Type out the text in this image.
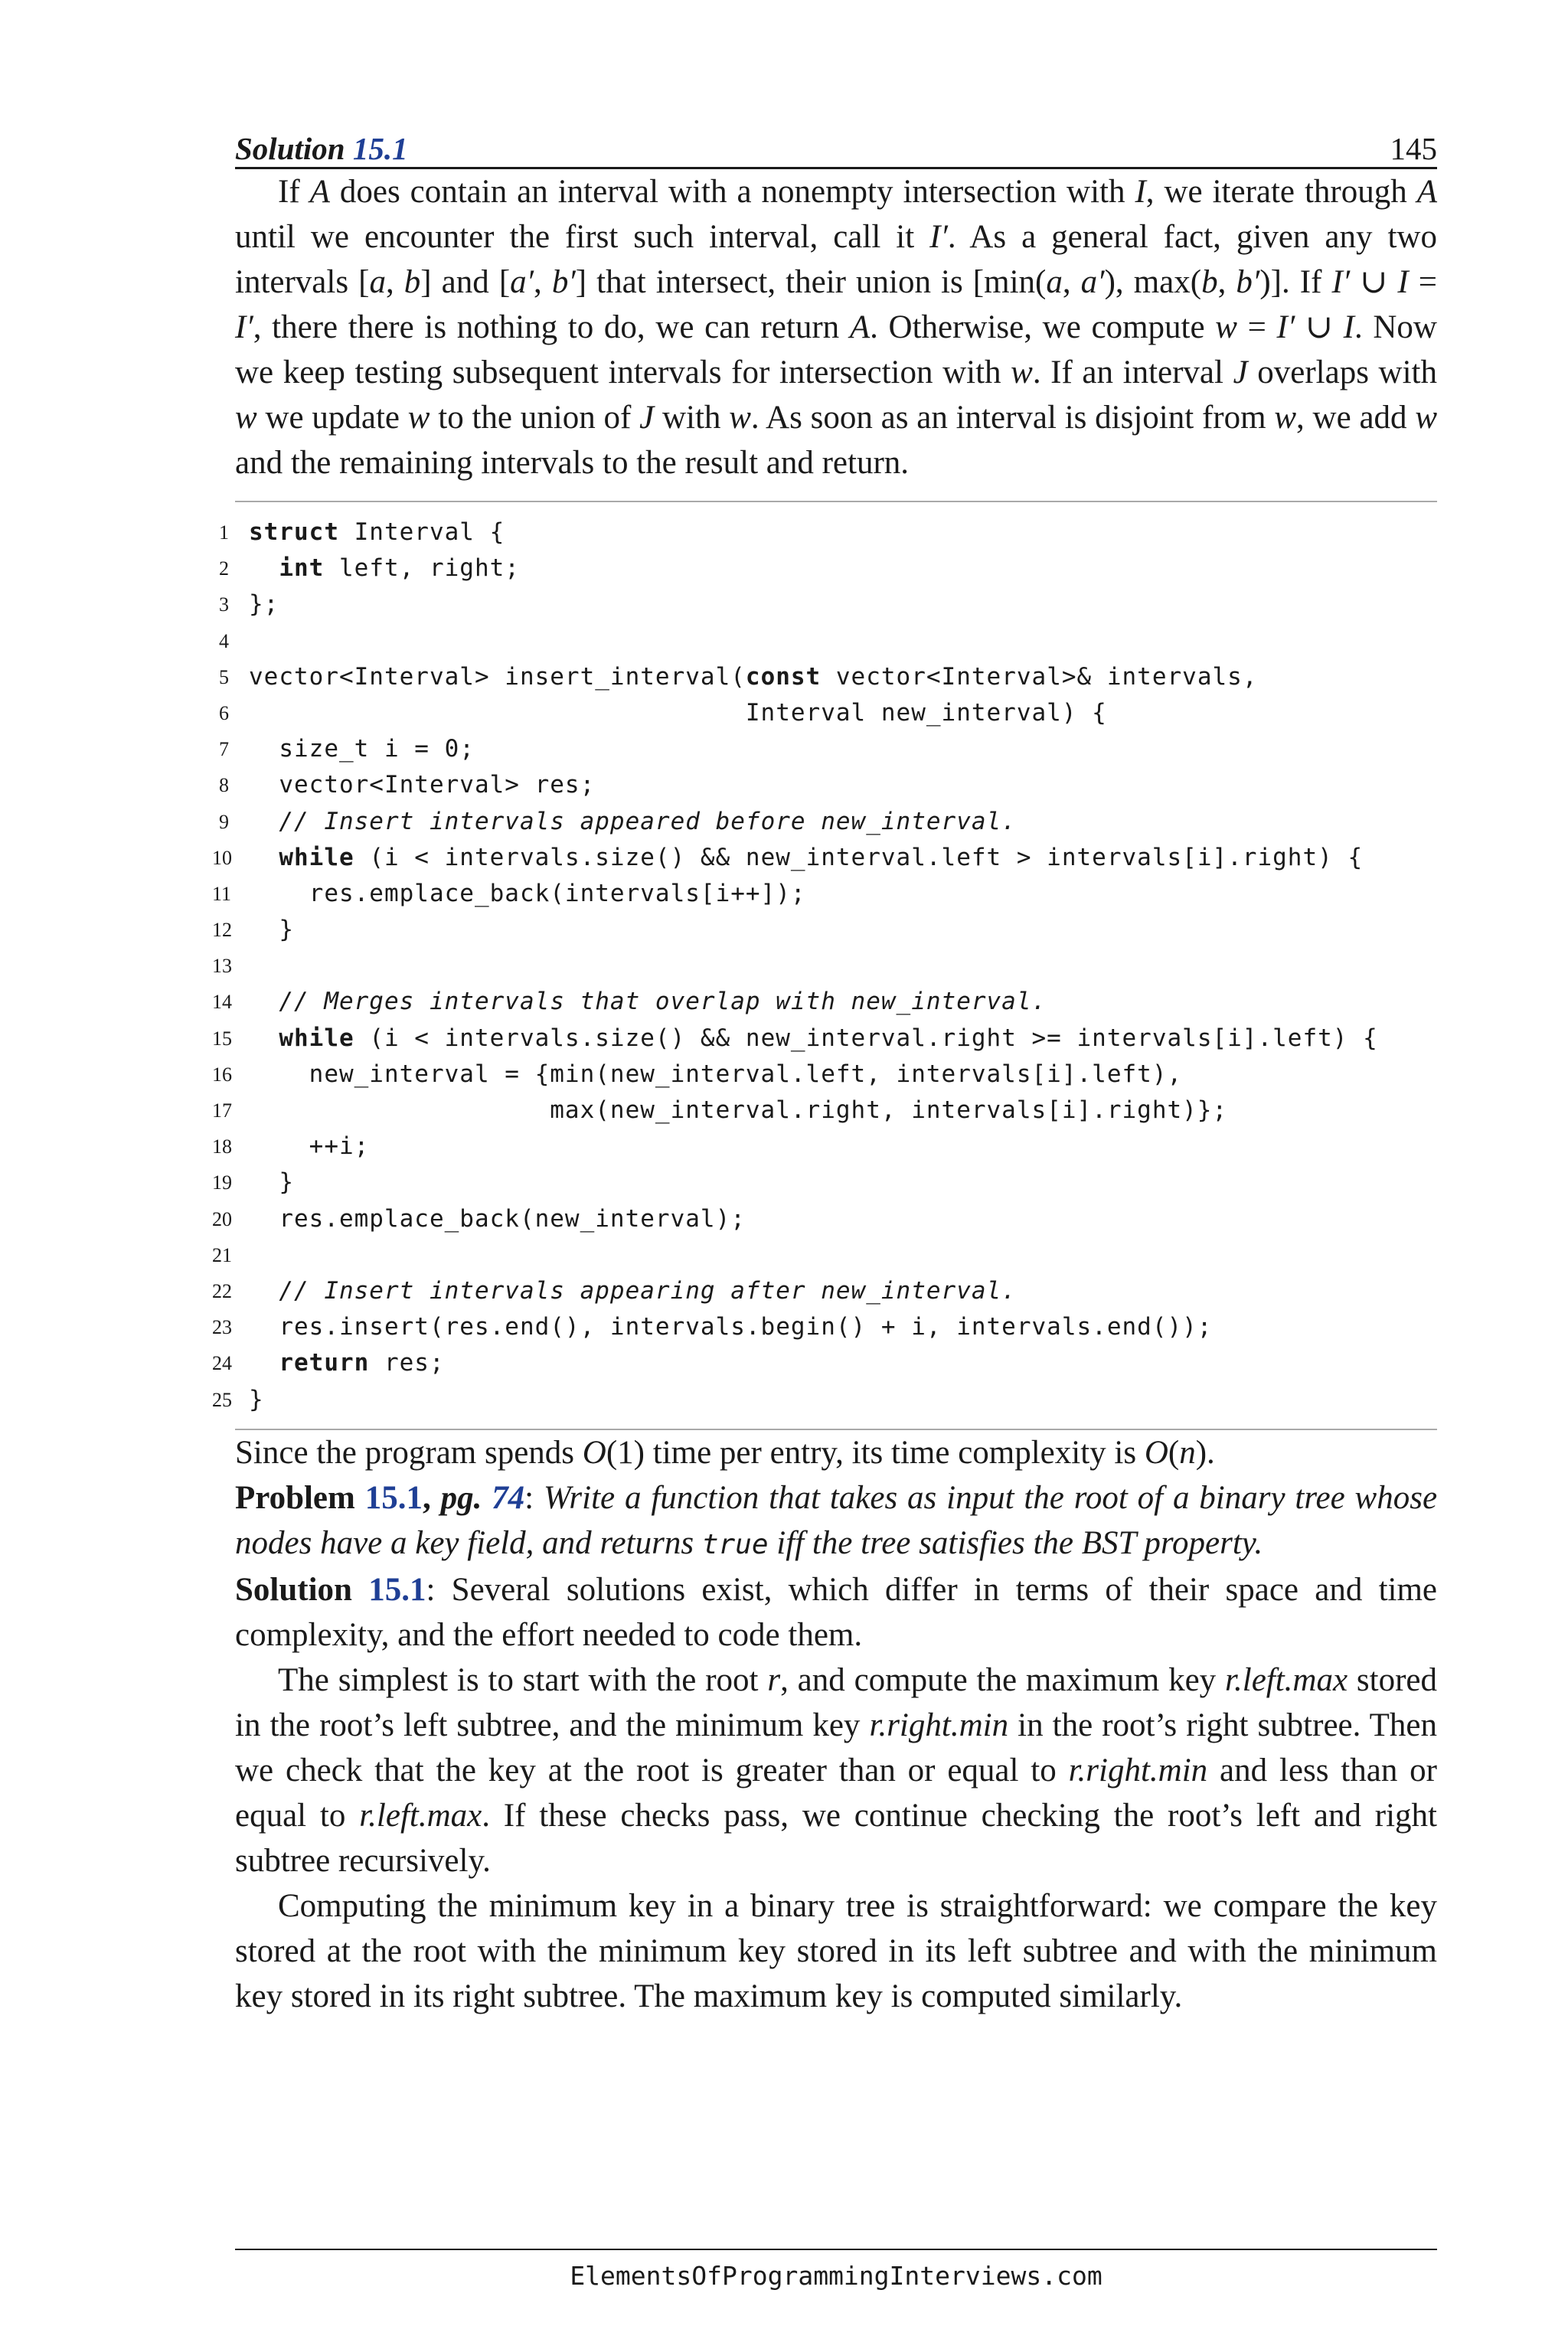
Solution 15.1	145

If A does contain an interval with a nonempty intersection with I, we iterate through A until we encounter the first such interval, call it I′. As a general fact, given any two intervals [a, b] and [a′, b′] that intersect, their union is [min(a, a′), max(b, b′)]. If I′ ∪ I = I′, there there is nothing to do, we can return A. Otherwise, we compute w = I′ ∪ I. Now we keep testing subsequent intervals for intersection with w. If an interval J overlaps with w we update w to the union of J with w. As soon as an interval is disjoint from w, we add w and the remaining intervals to the result and return.

1 struct Interval {
2 int left, right;
3 };
4
5 vector<Interval> insert_interval(const vector<Interval>& intervals,
6 Interval new_interval) {
7 size_t i = 0;
8 vector<Interval> res;
9 // Insert intervals appeared before new_interval.
10 while (i < intervals.size() && new_interval.left > intervals[i].right) {
11 res.emplace_back(intervals[i++]);
12 }
13
14 // Merges intervals that overlap with new_interval.
15 while (i < intervals.size() && new_interval.right >= intervals[i].left) {
16 new_interval = {min(new_interval.left, intervals[i].left),
17 max(new_interval.right, intervals[i].right)};
18 ++i;
19 }
20 res.emplace_back(new_interval);
21
22 // Insert intervals appearing after new_interval.
23 res.insert(res.end(), intervals.begin() + i, intervals.end());
24 return res;
25 }

Since the program spends O(1) time per entry, its time complexity is O(n).

Problem 15.1, pg. 74: Write a function that takes as input the root of a binary tree whose nodes have a key field, and returns true iff the tree satisfies the BST property.

Solution 15.1: Several solutions exist, which differ in terms of their space and time complexity, and the effort needed to code them.

The simplest is to start with the root r, and compute the maximum key r.left.max stored in the root’s left subtree, and the minimum key r.right.min in the root’s right subtree. Then we check that the key at the root is greater than or equal to r.right.min and less than or equal to r.left.max. If these checks pass, we continue checking the root’s left and right subtree recursively.

Computing the minimum key in a binary tree is straightforward: we compare the key stored at the root with the minimum key stored in its left subtree and with the minimum key stored in its right subtree. The maximum key is computed similarly.

ElementsOfProgrammingInterviews.com
